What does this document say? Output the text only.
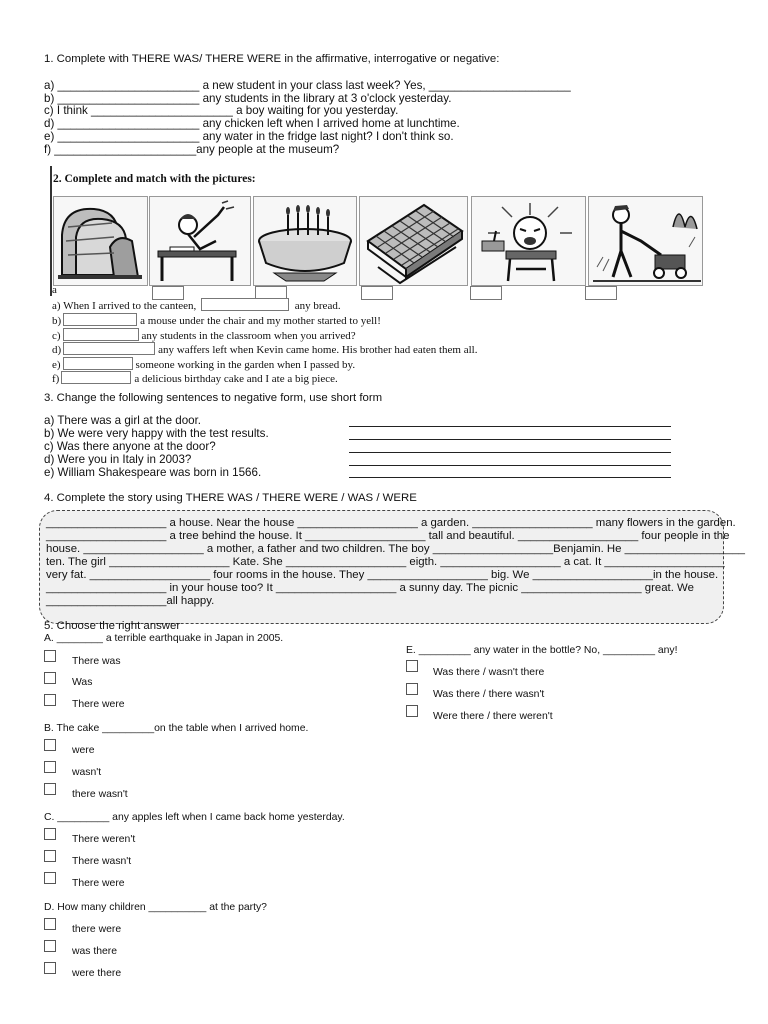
1. Complete with THERE WAS/ THERE WERE in the affirmative, interrogative or negative:
a) ______________________ a new student in your class last week? Yes, ______________________
b) ______________________ any students in the library at 3 o'clock yesterday.
c) I think ______________________ a boy waiting for you yesterday.
d) ______________________ any chicken left when I arrived home at lunchtime.
e) ______________________ any water in the fridge last night? I don't think so.
f) ______________________any people at the museum?
2. Complete and match with the pictures:
a
a) When I arrived to the canteen,	any bread.
b)	a mouse under the chair and my mother started to yell!
c)	any students in the classroom when you arrived?
d)	any waffers left when Kevin came home. His brother had eaten them all.
e)	someone working in the garden when I passed by.
f)	a delicious birthday cake and I ate a big piece.
3. Change the following sentences to negative form, use short form
a) There was a girl at the door.
b) We were very happy with the test results.
c) Was there anyone at the door?
d) Were you in Italy in 2003?
e) William Shakespeare was born in 1566.
4. Complete the story using THERE WAS / THERE WERE / WAS / WERE
___________________ a house. Near the house ___________________ a garden. ___________________ many flowers in the garden.
___________________ a tree behind the house. It ___________________ tall and beautiful. ___________________ four people in the
house. ___________________ a mother, a father and two children. The boy ___________________Benjamin. He ___________________
ten. The girl ___________________ Kate. She ___________________ eigth. ___________________ a cat. It ___________________
very fat. ___________________ four rooms in the house. They ___________________ big. We ___________________in the house.
___________________ in your house too? It ___________________ a sunny day. The picnic ___________________ great. We
___________________all happy.
5. Choose the right answer
A. ________ a terrible earthquake in Japan in 2005.
There was
Was
There were
B. The cake _________on the table when I arrived home.
were
wasn't
there wasn't
C. _________ any apples left when I came back home yesterday.
There weren't
There wasn't
There were
D. How many children __________ at the party?
there were
was there
were there
E. _________ any water in the bottle? No, _________ any!
Was there / wasn't there
Was there / there wasn't
Were there / there weren't
